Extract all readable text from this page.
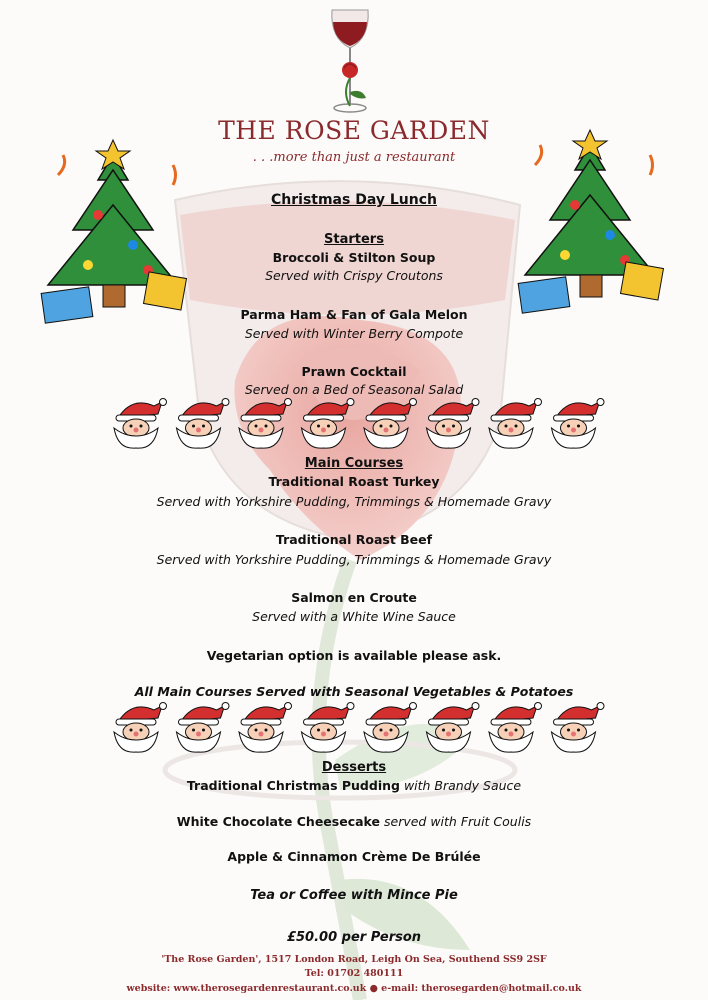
THE ROSE GARDEN
. . .more than just a restaurant
Christmas Day Lunch
Starters
Broccoli & Stilton Soup
Served with Crispy Croutons
Parma Ham & Fan of Gala Melon
Served with Winter Berry Compote
Prawn Cocktail
Served on a Bed of Seasonal Salad
Main Courses
Traditional Roast Turkey
Served with Yorkshire Pudding, Trimmings & Homemade Gravy
Traditional Roast Beef
Served with Yorkshire Pudding, Trimmings & Homemade Gravy
Salmon en Croute
Served with a White Wine Sauce
Vegetarian option is available please ask.
All Main Courses Served with Seasonal Vegetables & Potatoes
Desserts
Traditional Christmas Pudding with Brandy Sauce
White Chocolate Cheesecake served with Fruit Coulis
Apple & Cinnamon Crème De Brúlée
Tea or Coffee with Mince Pie
£50.00 per Person
'The Rose Garden', 1517 London Road, Leigh On Sea, Southend SS9 2SF
Tel: 01702 480111
website: www.therosegardenrestaurant.co.uk ● e-mail: therosegarden@hotmail.co.uk
